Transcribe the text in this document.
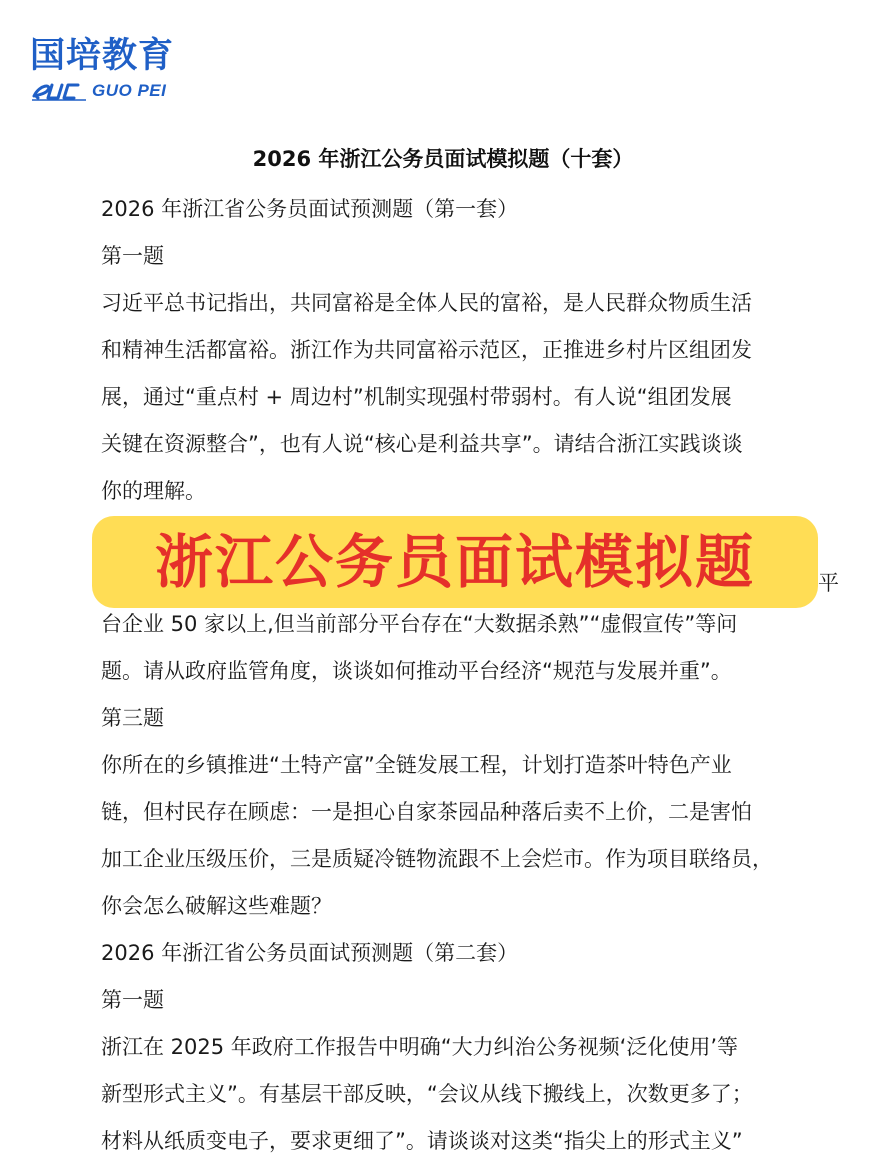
国培教育
GUO PEI
2026 年浙江公务员面试模拟题（十套）

2026 年浙江省公务员面试预测题（第一套）

第一题

习近平总书记指出，共同富裕是全体人民的富裕，是人民群众物质生活

和精神生活都富裕。浙江作为共同富裕示范区，正推进乡村片区组团发

展，通过“重点村 + 周边村”机制实现强村带弱村。有人说“组团发展

关键在资源整合”，也有人说“核心是利益共享”。请结合浙江实践谈谈

你的理解。

平
浙江公务员面试模拟题

台企业 50 家以上,但当前部分平台存在“大数据杀熟”“虚假宣传”等问

题。请从政府监管角度，谈谈如何推动平台经济“规范与发展并重”。

第三题

你所在的乡镇推进“土特产富”全链发展工程，计划打造茶叶特色产业

链，但村民存在顾虑：一是担心自家茶园品种落后卖不上价，二是害怕

加工企业压级压价，三是质疑冷链物流跟不上会烂市。作为项目联络员，

你会怎么破解这些难题？

2026 年浙江省公务员面试预测题（第二套）

第一题

浙江在 2025 年政府工作报告中明确“大力纠治公务视频‘泛化使用’等

新型形式主义”。有基层干部反映，“会议从线下搬线上，次数更多了；

材料从纸质变电子，要求更细了”。请谈谈对这类“指尖上的形式主义”
